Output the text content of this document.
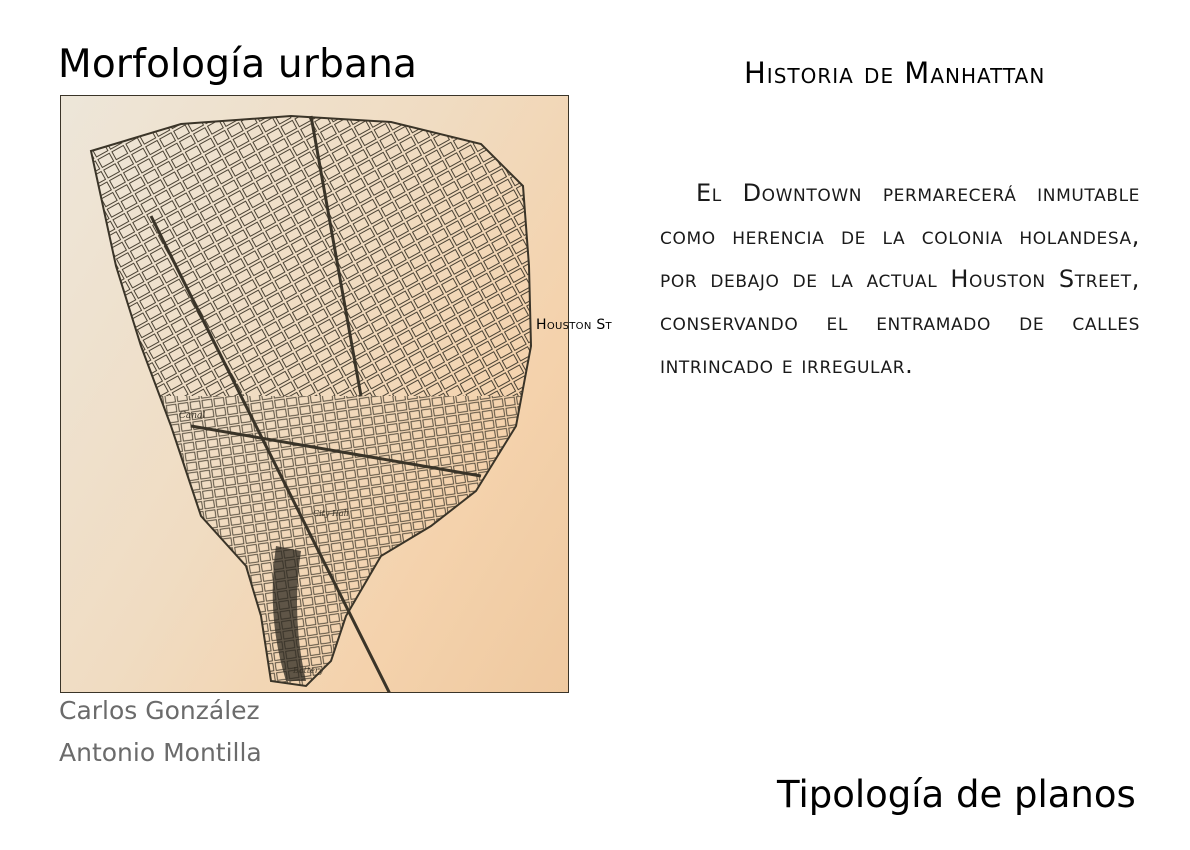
Morfología urbana
Canal
City Hall
Battery
Houston St
Carlos González
Antonio Montilla
Historia de Manhattan
El Downtown permarecerá inmutable como herencia de la colonia holandesa, por debajo de la actual Houston Street, conservando el entramado de calles intrincado e irregular.
Tipología de planos
